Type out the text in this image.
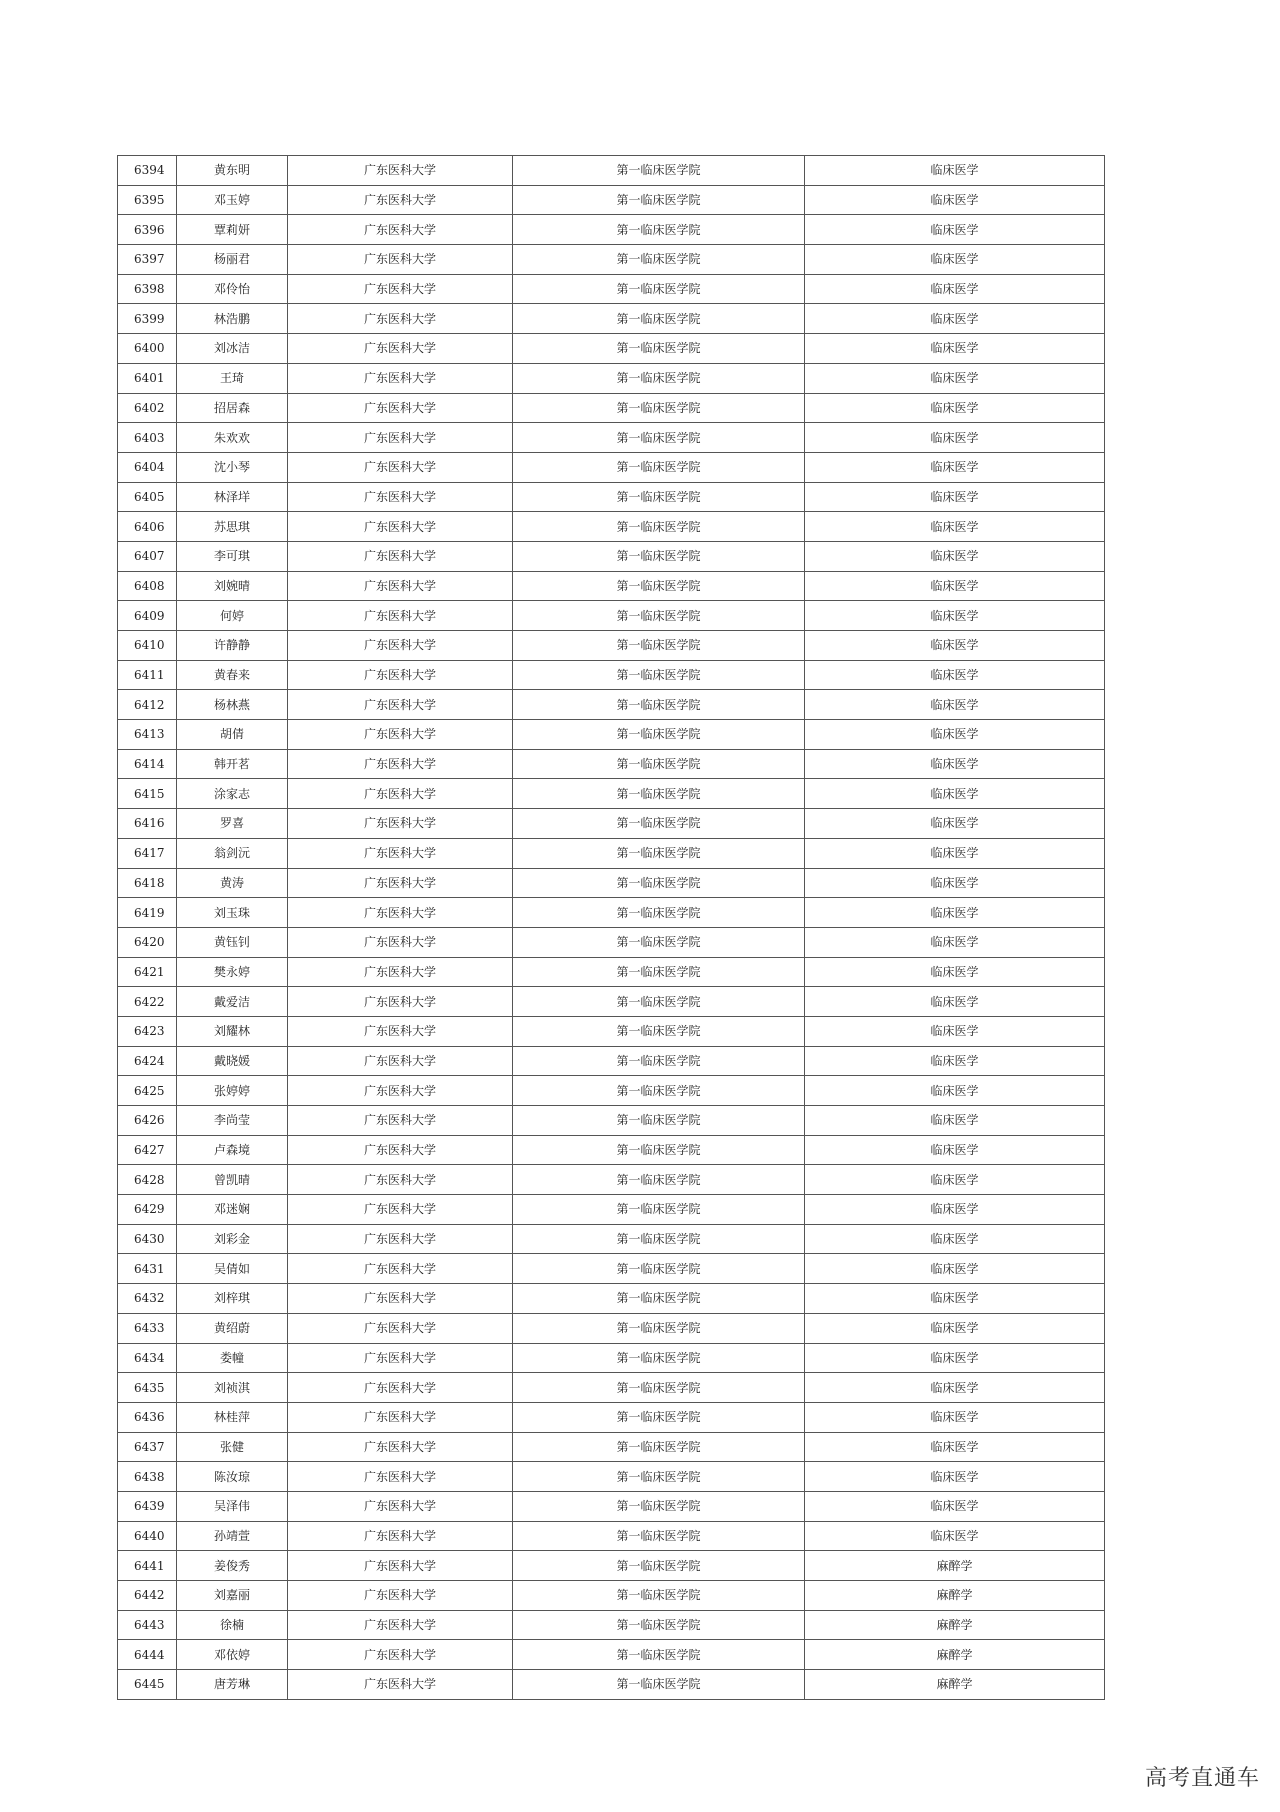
6394	黄东明	广东医科大学	第一临床医学院	临床医学
6395	邓玉婷	广东医科大学	第一临床医学院	临床医学
6396	覃莉妍	广东医科大学	第一临床医学院	临床医学
6397	杨丽君	广东医科大学	第一临床医学院	临床医学
6398	邓伶怡	广东医科大学	第一临床医学院	临床医学
6399	林浩鹏	广东医科大学	第一临床医学院	临床医学
6400	刘冰洁	广东医科大学	第一临床医学院	临床医学
6401	王琦	广东医科大学	第一临床医学院	临床医学
6402	招居森	广东医科大学	第一临床医学院	临床医学
6403	朱欢欢	广东医科大学	第一临床医学院	临床医学
6404	沈小琴	广东医科大学	第一临床医学院	临床医学
6405	林泽垟	广东医科大学	第一临床医学院	临床医学
6406	苏思琪	广东医科大学	第一临床医学院	临床医学
6407	李可琪	广东医科大学	第一临床医学院	临床医学
6408	刘婉晴	广东医科大学	第一临床医学院	临床医学
6409	何婷	广东医科大学	第一临床医学院	临床医学
6410	许静静	广东医科大学	第一临床医学院	临床医学
6411	黄春来	广东医科大学	第一临床医学院	临床医学
6412	杨林燕	广东医科大学	第一临床医学院	临床医学
6413	胡倩	广东医科大学	第一临床医学院	临床医学
6414	韩开茗	广东医科大学	第一临床医学院	临床医学
6415	涂家志	广东医科大学	第一临床医学院	临床医学
6416	罗喜	广东医科大学	第一临床医学院	临床医学
6417	翁剑沅	广东医科大学	第一临床医学院	临床医学
6418	黄涛	广东医科大学	第一临床医学院	临床医学
6419	刘玉珠	广东医科大学	第一临床医学院	临床医学
6420	黄钰钊	广东医科大学	第一临床医学院	临床医学
6421	樊永婷	广东医科大学	第一临床医学院	临床医学
6422	戴爱洁	广东医科大学	第一临床医学院	临床医学
6423	刘耀林	广东医科大学	第一临床医学院	临床医学
6424	戴晓媛	广东医科大学	第一临床医学院	临床医学
6425	张婷婷	广东医科大学	第一临床医学院	临床医学
6426	李尚莹	广东医科大学	第一临床医学院	临床医学
6427	卢森境	广东医科大学	第一临床医学院	临床医学
6428	曾凯晴	广东医科大学	第一临床医学院	临床医学
6429	邓迷娴	广东医科大学	第一临床医学院	临床医学
6430	刘彩金	广东医科大学	第一临床医学院	临床医学
6431	吴倩如	广东医科大学	第一临床医学院	临床医学
6432	刘梓琪	广东医科大学	第一临床医学院	临床医学
6433	黄绍蔚	广东医科大学	第一临床医学院	临床医学
6434	娄幢	广东医科大学	第一临床医学院	临床医学
6435	刘祯淇	广东医科大学	第一临床医学院	临床医学
6436	林桂萍	广东医科大学	第一临床医学院	临床医学
6437	张健	广东医科大学	第一临床医学院	临床医学
6438	陈汝琼	广东医科大学	第一临床医学院	临床医学
6439	吴泽伟	广东医科大学	第一临床医学院	临床医学
6440	孙靖萱	广东医科大学	第一临床医学院	临床医学
6441	姜俊秀	广东医科大学	第一临床医学院	麻醉学
6442	刘嘉丽	广东医科大学	第一临床医学院	麻醉学
6443	徐楠	广东医科大学	第一临床医学院	麻醉学
6444	邓依婷	广东医科大学	第一临床医学院	麻醉学
6445	唐芳琳	广东医科大学	第一临床医学院	麻醉学
高考直通车
